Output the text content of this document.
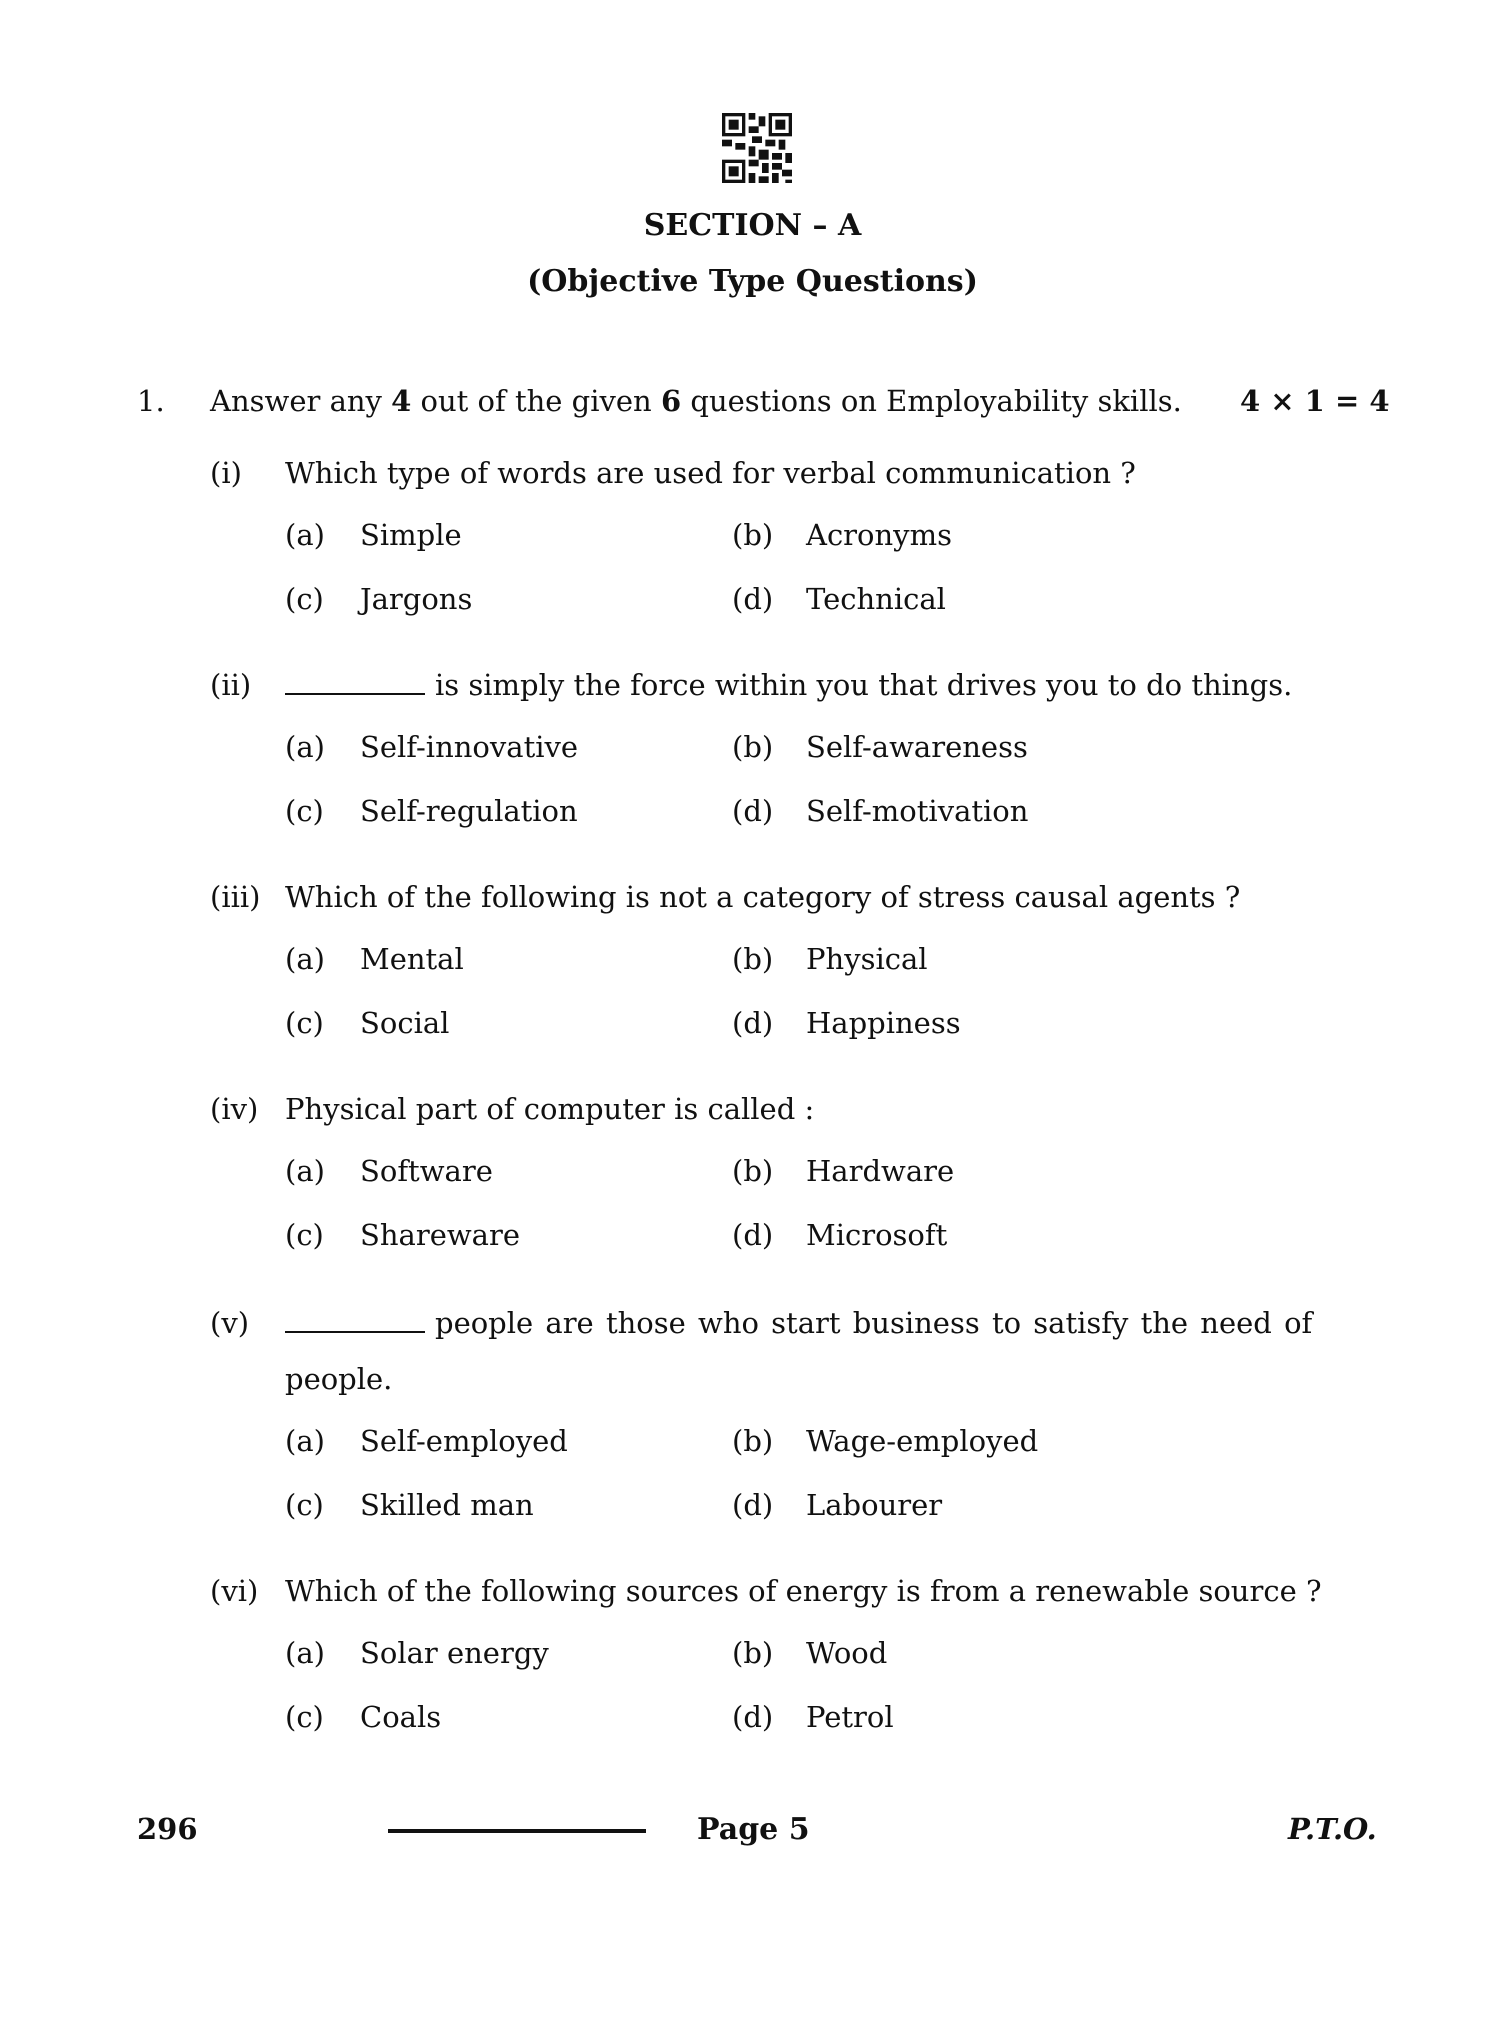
SECTION – A
(Objective Type Questions)
1. Answer any 4 out of the given 6 questions on Employability skills. 4 × 1 = 4
(i) Which type of words are used for verbal communication ?
(a) Simple	(b) Acronyms
(c) Jargons	(d) Technical
(ii)	is simply the force within you that drives you to do things.
(a) Self-innovative	(b) Self-awareness
(c) Self-regulation	(d) Self-motivation
(iii) Which of the following is not a category of stress causal agents ?
(a) Mental	(b) Physical
(c) Social	(d) Happiness
(iv) Physical part of computer is called :
(a) Software	(b) Hardware
(c) Shareware	(d) Microsoft
(v)	people are those who start business to satisfy the need of
people.
(a) Self-employed	(b) Wage-employed
(c) Skilled man	(d) Labourer
(vi) Which of the following sources of energy is from a renewable source ?
(a) Solar energy	(b) Wood
(c) Coals	(d) Petrol
296	Page 5	P.T.O.
